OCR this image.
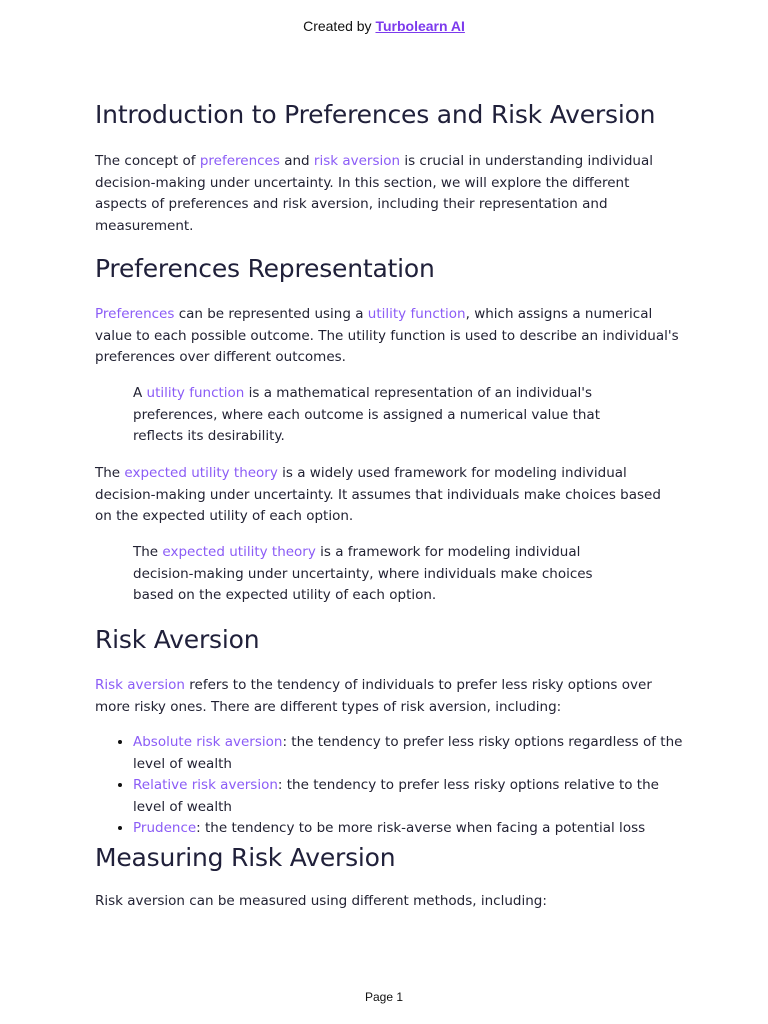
Created by Turbolearn AI
Introduction to Preferences and Risk Aversion

The concept of preferences and risk aversion is crucial in understanding individual decision-making under uncertainty. In this section, we will explore the different aspects of preferences and risk aversion, including their representation and measurement.

Preferences Representation

Preferences can be represented using a utility function, which assigns a numerical value to each possible outcome. The utility function is used to describe an individual's preferences over different outcomes.

A utility function is a mathematical representation of an individual's preferences, where each outcome is assigned a numerical value that reflects its desirability.

The expected utility theory is a widely used framework for modeling individual decision-making under uncertainty. It assumes that individuals make choices based on the expected utility of each option.

The expected utility theory is a framework for modeling individual decision-making under uncertainty, where individuals make choices based on the expected utility of each option.
Risk Aversion

Risk aversion refers to the tendency of individuals to prefer less risky options over more risky ones. There are different types of risk aversion, including:

• Absolute risk aversion: the tendency to prefer less risky options regardless of the level of wealth
• Relative risk aversion: the tendency to prefer less risky options relative to the level of wealth
• Prudence: the tendency to be more risk-averse when facing a potential loss
Measuring Risk Aversion

Risk aversion can be measured using different methods, including:

Page 1
